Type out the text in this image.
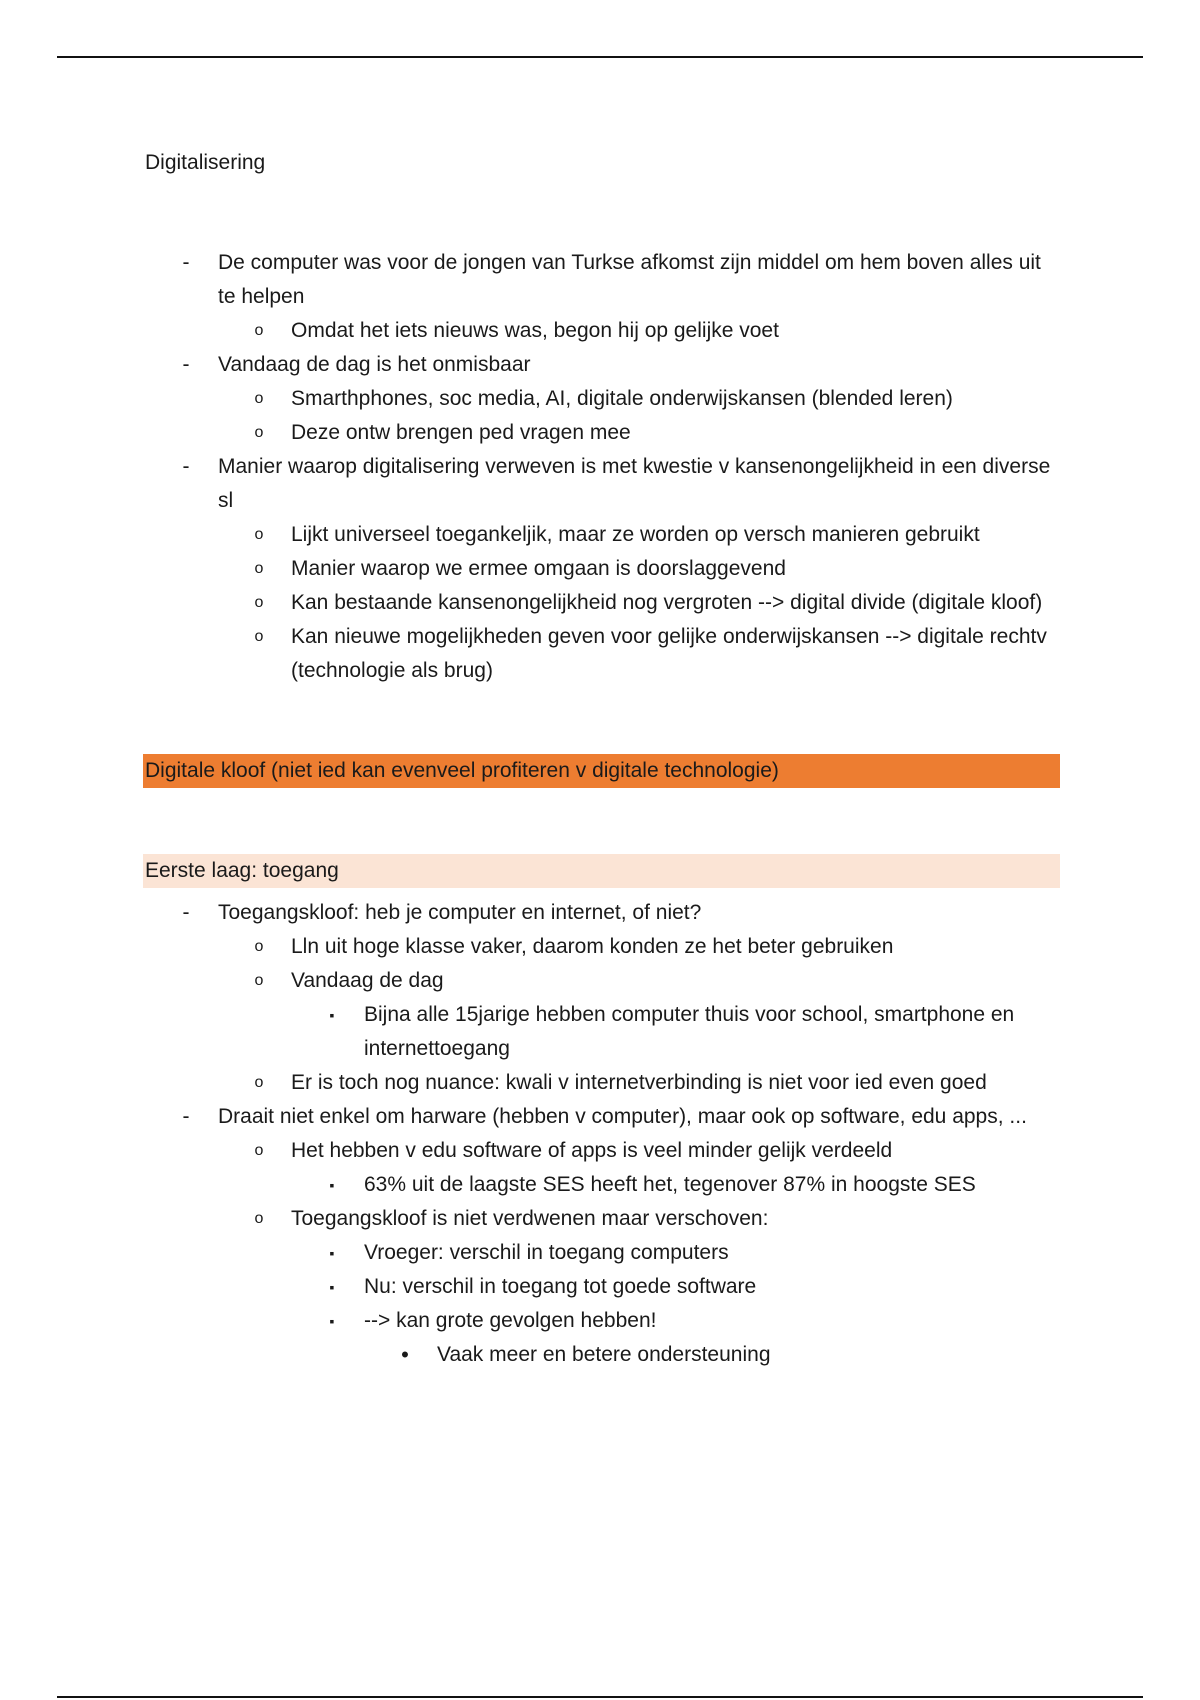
Digitalisering
-	De computer was voor de jongen van Turkse afkomst zijn middel om hem boven alles uit te helpen
o	Omdat het iets nieuws was, begon hij op gelijke voet
-	Vandaag de dag is het onmisbaar
o	Smarthphones, soc media, AI, digitale onderwijskansen (blended leren)
o	Deze ontw brengen ped vragen mee
-	Manier waarop digitalisering verweven is met kwestie v kansenongelijkheid in een diverse sl
o	Lijkt universeel toegankeljik, maar ze worden op versch manieren gebruikt
o	Manier waarop we ermee omgaan is doorslaggevend
o	Kan bestaande kansenongelijkheid nog vergroten --> digital divide (digitale kloof)
o	Kan nieuwe mogelijkheden geven voor gelijke onderwijskansen --> digitale rechtv (technologie als brug)
Digitale kloof (niet ied kan evenveel profiteren v digitale technologie)
Eerste laag: toegang
-	Toegangskloof: heb je computer en internet, of niet?
o	Lln uit hoge klasse vaker, daarom konden ze het beter gebruiken
o	Vandaag de dag
▪	Bijna alle 15jarige hebben computer thuis voor school, smartphone en internettoegang
o	Er is toch nog nuance: kwali v internetverbinding is niet voor ied even goed
-	Draait niet enkel om harware (hebben v computer), maar ook op software, edu apps, ...
o	Het hebben v edu software of apps is veel minder gelijk verdeeld
▪	63% uit de laagste SES heeft het, tegenover 87% in hoogste SES
o	Toegangskloof is niet verdwenen maar verschoven:
▪	Vroeger: verschil in toegang computers
▪	Nu: verschil in toegang tot goede software
▪	--> kan grote gevolgen hebben!
•	Vaak meer en betere ondersteuning
